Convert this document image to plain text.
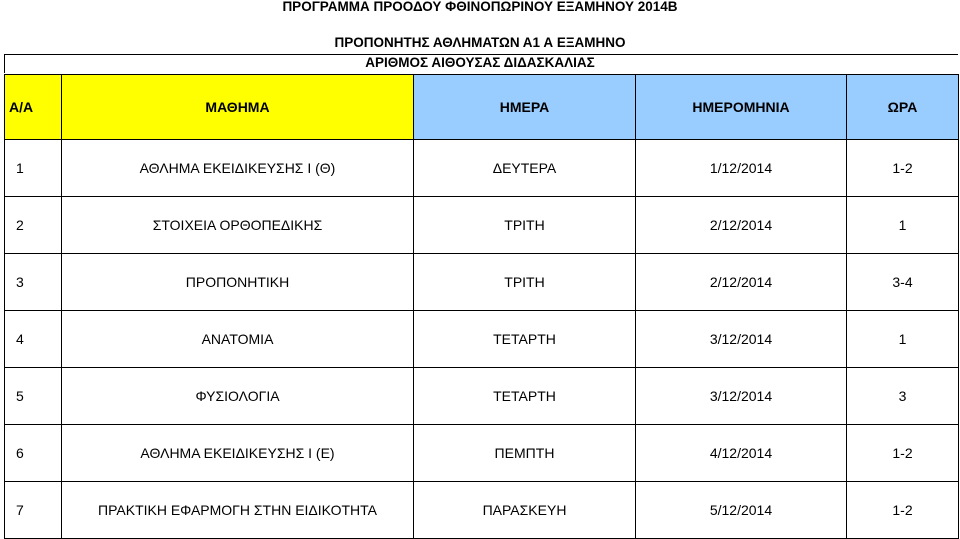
ΠΡΟΓΡΑΜΜΑ ΠΡΟΟΔΟΥ ΦΘΙΝΟΠΩΡΙΝΟΥ ΕΞΑΜΗΝΟΥ 2014Β
ΠΡΟΠΟΝΗΤΗΣ ΑΘΛΗΜΑΤΩΝ Α1 Α ΕΞΑΜΗΝΟ
ΑΡΙΘΜΟΣ ΑΙΘΟΥΣΑΣ ΔΙΔΑΣΚΑΛΙΑΣ
Α/Α	ΜΑΘΗΜΑ	ΗΜΕΡΑ	ΗΜΕΡΟΜΗΝΙΑ	ΩΡΑ
1	ΑΘΛΗΜΑ ΕΚΕΙΔΙΚΕΥΣΗΣ Ι (Θ)	ΔΕΥΤΕΡΑ	1/12/2014	1-2
2	ΣΤΟΙΧΕΙΑ ΟΡΘΟΠΕΔΙΚΗΣ	ΤΡΙΤΗ	2/12/2014	1
3	ΠΡΟΠΟΝΗΤΙΚΗ	ΤΡΙΤΗ	2/12/2014	3-4
4	ΑΝΑΤΟΜΙΑ	ΤΕΤΑΡΤΗ	3/12/2014	1
5	ΦΥΣΙΟΛΟΓΙΑ	ΤΕΤΑΡΤΗ	3/12/2014	3
6	ΑΘΛΗΜΑ ΕΚΕΙΔΙΚΕΥΣΗΣ Ι (Ε)	ΠΕΜΠΤΗ	4/12/2014	1-2
7	ΠΡΑΚΤΙΚΗ ΕΦΑΡΜΟΓΗ ΣΤΗΝ ΕΙΔΙΚΟΤΗΤΑ	ΠΑΡΑΣΚΕΥΗ	5/12/2014	1-2
